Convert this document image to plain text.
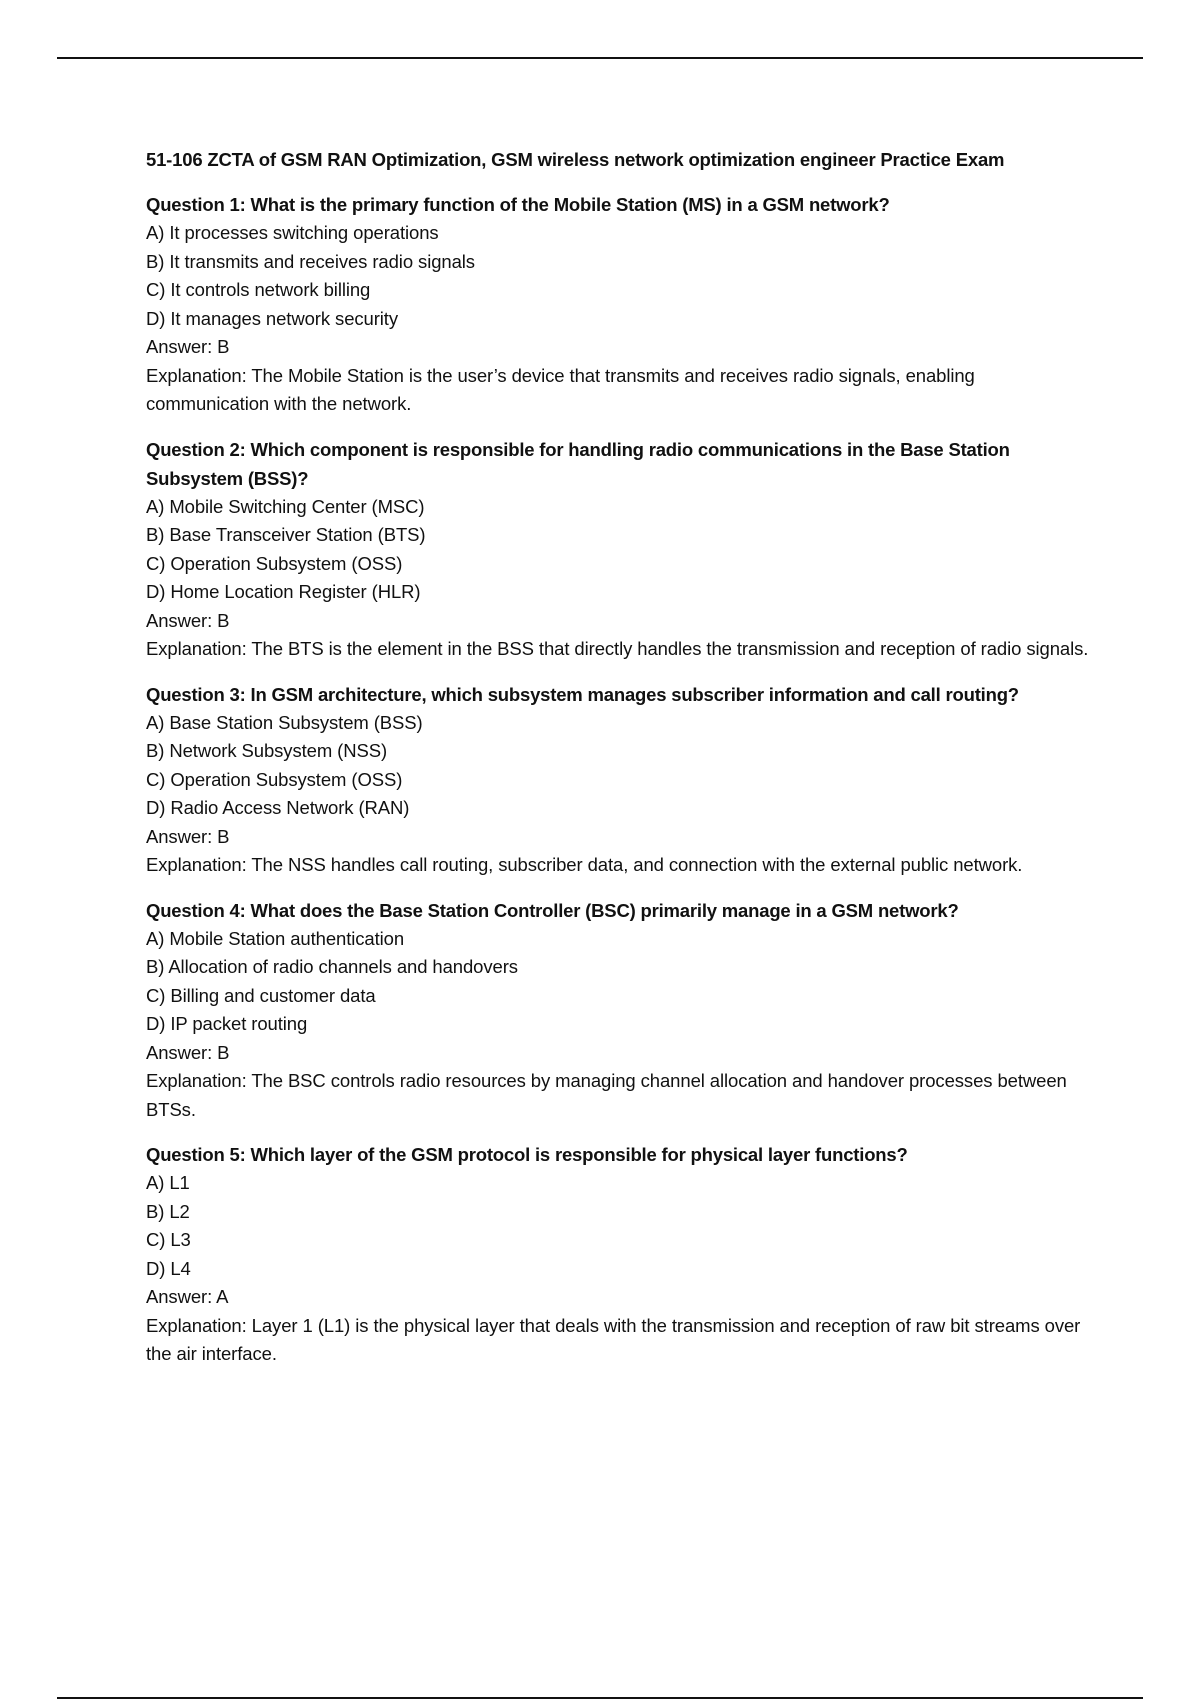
51-106 ZCTA of GSM RAN Optimization, GSM wireless network optimization engineer Practice Exam
Question 1: What is the primary function of the Mobile Station (MS) in a GSM network?
A) It processes switching operations
B) It transmits and receives radio signals
C) It controls network billing
D) It manages network security
Answer: B
Explanation: The Mobile Station is the user’s device that transmits and receives radio signals, enabling communication with the network.
Question 2: Which component is responsible for handling radio communications in the Base Station Subsystem (BSS)?
A) Mobile Switching Center (MSC)
B) Base Transceiver Station (BTS)
C) Operation Subsystem (OSS)
D) Home Location Register (HLR)
Answer: B
Explanation: The BTS is the element in the BSS that directly handles the transmission and reception of radio signals.
Question 3: In GSM architecture, which subsystem manages subscriber information and call routing?
A) Base Station Subsystem (BSS)
B) Network Subsystem (NSS)
C) Operation Subsystem (OSS)
D) Radio Access Network (RAN)
Answer: B
Explanation: The NSS handles call routing, subscriber data, and connection with the external public network.
Question 4: What does the Base Station Controller (BSC) primarily manage in a GSM network?
A) Mobile Station authentication
B) Allocation of radio channels and handovers
C) Billing and customer data
D) IP packet routing
Answer: B
Explanation: The BSC controls radio resources by managing channel allocation and handover processes between BTSs.
Question 5: Which layer of the GSM protocol is responsible for physical layer functions?
A) L1
B) L2
C) L3
D) L4
Answer: A
Explanation: Layer 1 (L1) is the physical layer that deals with the transmission and reception of raw bit streams over the air interface.
